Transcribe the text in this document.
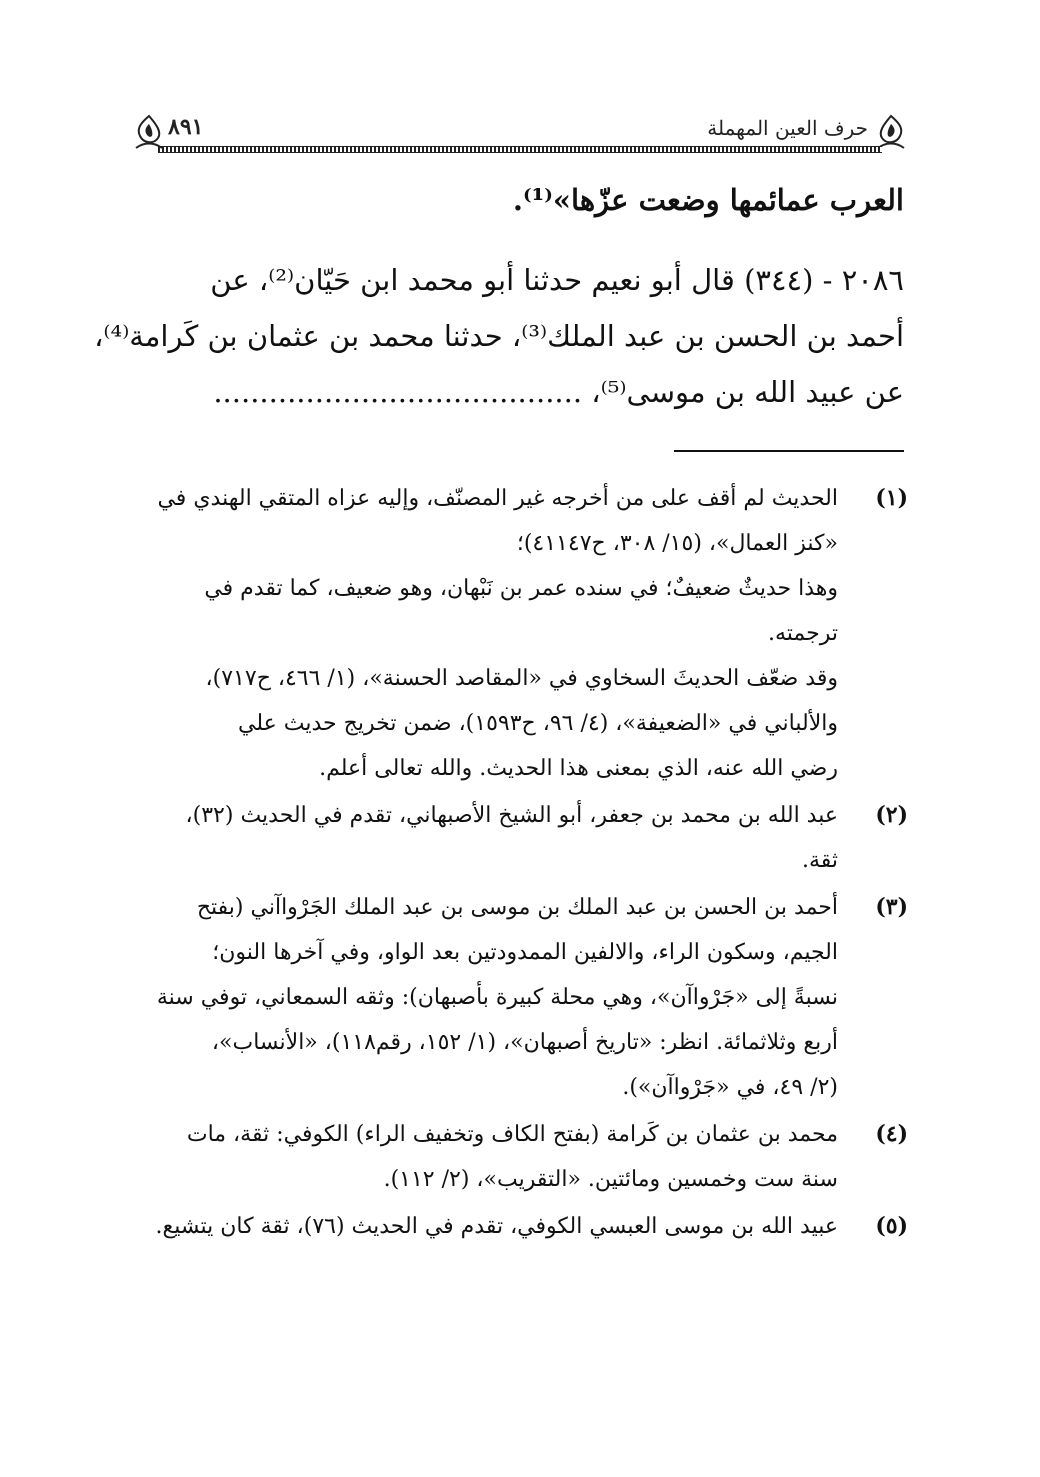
حرف العين المهملة
٨٩١
العرب عمائمها وضعت عزّها»⁽¹⁾.
٢٠٨٦ - (٣٤٤) قال أبو نعيم حدثنا أبو محمد ابن حَيّان⁽²⁾، عن
أحمد بن الحسن بن عبد الملك⁽³⁾، حدثنا محمد بن عثمان بن كَرامة⁽⁴⁾،
عن عبيد الله بن موسى⁽⁵⁾، ........................................
(١)
الحديث لم أقف على من أخرجه غير المصنّف، وإليه عزاه المتقي الهندي في
«كنز العمال»، (١٥/ ٣٠٨، ح٤١١٤٧)؛
وهذا حديثٌ ضعيفٌ؛ في سنده عمر بن نَبْهان، وهو ضعيف، كما تقدم في
ترجمته.
وقد ضعّف الحديثَ السخاوي في «المقاصد الحسنة»، (١/ ٤٦٦، ح٧١٧)،
والألباني في «الضعيفة»، (٤/ ٩٦، ح١٥٩٣)، ضمن تخريج حديث علي
رضي الله عنه، الذي بمعنى هذا الحديث. والله تعالى أعلم.
(٢)
عبد الله بن محمد بن جعفر، أبو الشيخ الأصبهاني، تقدم في الحديث (٣٢)،
ثقة.
(٣)
أحمد بن الحسن بن عبد الملك بن موسى بن عبد الملك الجَرْواآني (بفتح
الجيم، وسكون الراء، والالفين الممدودتين بعد الواو، وفي آخرها النون؛
نسبةً إلى «جَرْواآن»، وهي محلة كبيرة بأصبهان): وثقه السمعاني، توفي سنة
أربع وثلاثمائة. انظر: «تاريخ أصبهان»، (١/ ١٥٢، رقم١١٨)، «الأنساب»،
(٢/ ٤٩، في «جَرْواآن»).
(٤)
محمد بن عثمان بن كَرامة (بفتح الكاف وتخفيف الراء) الكوفي: ثقة، مات
سنة ست وخمسين ومائتين. «التقريب»، (٢/ ١١٢).
(٥)
عبيد الله بن موسى العبسي الكوفي، تقدم في الحديث (٧٦)، ثقة كان يتشيع.
